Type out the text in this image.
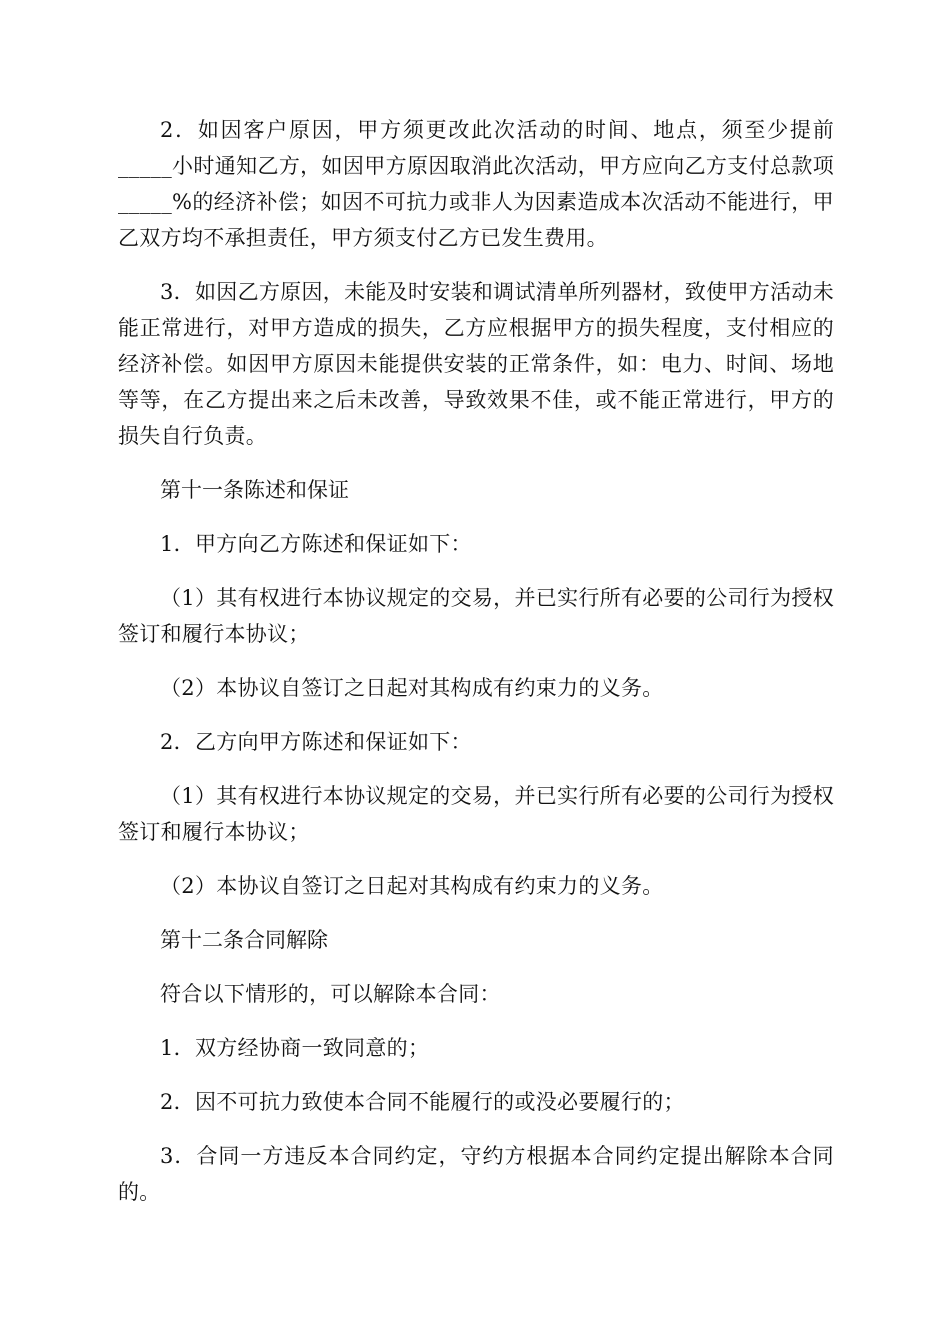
2．如因客户原因，甲方须更改此次活动的时间、地点，须至少提前_____小时通知乙方，如因甲方原因取消此次活动，甲方应向乙方支付总款项_____%的经济补偿；如因不可抗力或非人为因素造成本次活动不能进行，甲乙双方均不承担责任，甲方须支付乙方已发生费用。

3．如因乙方原因，未能及时安装和调试清单所列器材，致使甲方活动未能正常进行，对甲方造成的损失，乙方应根据甲方的损失程度，支付相应的经济补偿。如因甲方原因未能提供安装的正常条件，如：电力、时间、场地等等，在乙方提出来之后未改善，导致效果不佳，或不能正常进行，甲方的损失自行负责。

第十一条陈述和保证

1．甲方向乙方陈述和保证如下：

（1）其有权进行本协议规定的交易，并已实行所有必要的公司行为授权签订和履行本协议；

（2）本协议自签订之日起对其构成有约束力的义务。

2．乙方向甲方陈述和保证如下：

（1）其有权进行本协议规定的交易，并已实行所有必要的公司行为授权签订和履行本协议；

（2）本协议自签订之日起对其构成有约束力的义务。

第十二条合同解除

符合以下情形的，可以解除本合同：

1．双方经协商一致同意的；

2．因不可抗力致使本合同不能履行的或没必要履行的；

3．合同一方违反本合同约定，守约方根据本合同约定提出解除本合同的。
